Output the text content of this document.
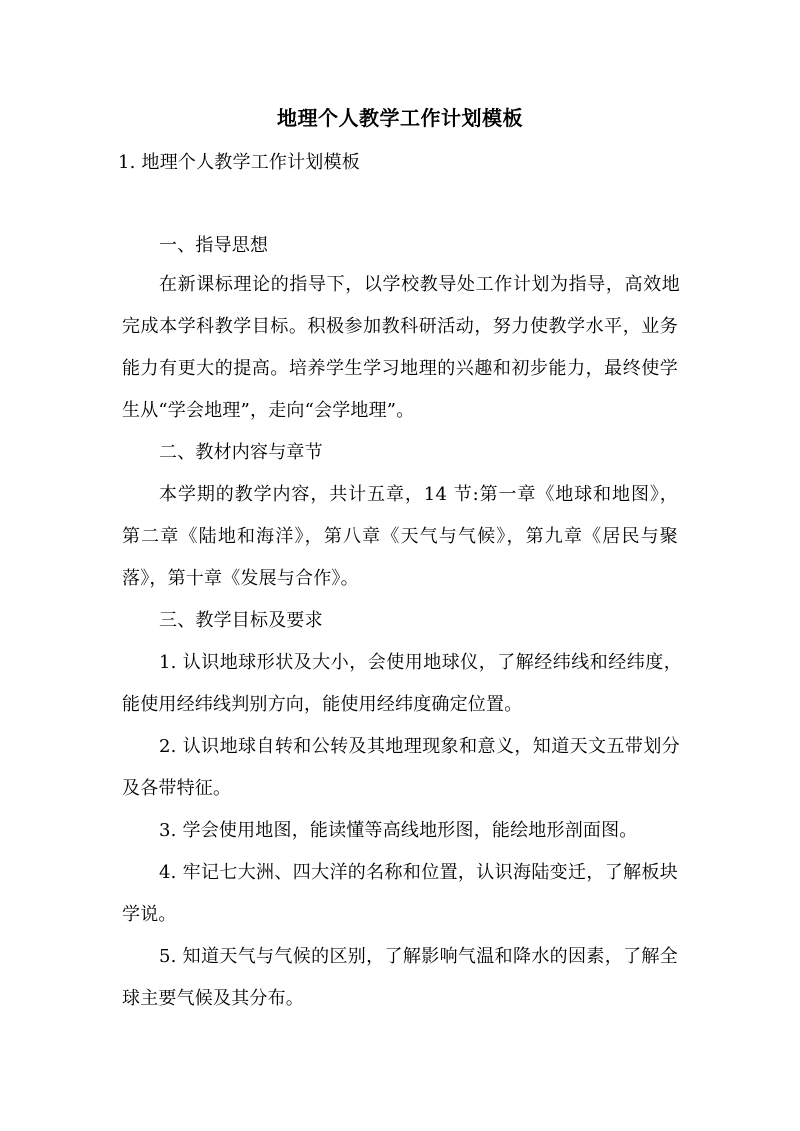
地理个人教学工作计划模板
1. 地理个人教学工作计划模板
一、指导思想
在新课标理论的指导下，以学校教导处工作计划为指导，高效地
完成本学科教学目标。积极参加教科研活动，努力使教学水平，业务
能力有更大的提高。培养学生学习地理的兴趣和初步能力，最终使学
生从“学会地理”，走向“会学地理”。
二、教材内容与章节
本学期的教学内容，共计五章，14 节:第一章《地球和地图》，
第二章《陆地和海洋》，第八章《天气与气候》，第九章《居民与聚
落》，第十章《发展与合作》。
三、教学目标及要求
1. 认识地球形状及大小，会使用地球仪，了解经纬线和经纬度，
能使用经纬线判别方向，能使用经纬度确定位置。
2. 认识地球自转和公转及其地理现象和意义，知道天文五带划分
及各带特征。
3. 学会使用地图，能读懂等高线地形图，能绘地形剖面图。
4. 牢记七大洲、四大洋的名称和位置，认识海陆变迁，了解板块
学说。
5. 知道天气与气候的区别，了解影响气温和降水的因素，了解全
球主要气候及其分布。
